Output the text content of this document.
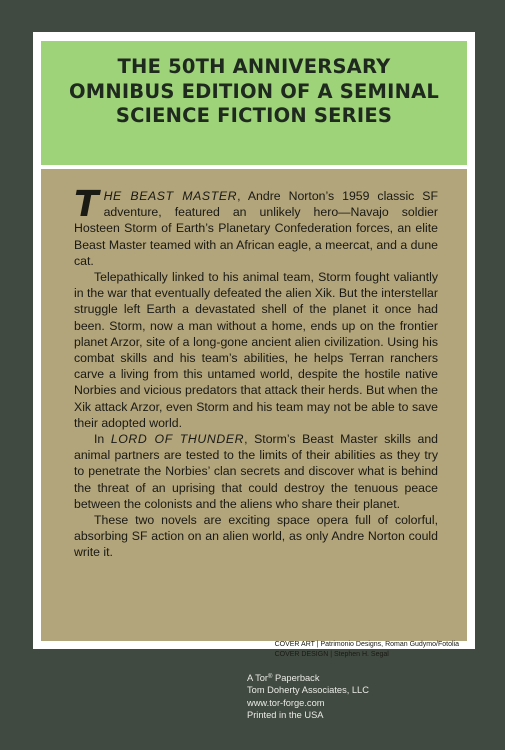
THE 50TH ANNIVERSARY
OMNIBUS EDITION OF A SEMINAL
SCIENCE FICTION SERIES

THE BEAST MASTER, Andre Norton’s 1959 classic SF adventure, featured an unlikely hero—Navajo soldier Hosteen Storm of Earth’s Planetary Confederation forces, an elite Beast Master teamed with an African eagle, a meercat, and a dune cat.

Telepathically linked to his animal team, Storm fought valiantly in the war that eventually defeated the alien Xik. But the interstellar struggle left Earth a devastated shell of the planet it once had been. Storm, now a man without a home, ends up on the frontier planet Arzor, site of a long-gone ancient alien civilization. Using his combat skills and his team’s abilities, he helps Terran ranchers carve a living from this untamed world, despite the hostile native Norbies and vicious predators that attack their herds. But when the Xik attack Arzor, even Storm and his team may not be able to save their adopted world.

In LORD OF THUNDER, Storm’s Beast Master skills and animal partners are tested to the limits of their abilities as they try to penetrate the Norbies’ clan secrets and discover what is behind the threat of an uprising that could destroy the tenuous peace between the colonists and the aliens who share their planet.

These two novels are exciting space opera full of colorful, absorbing SF action on an alien world, as only Andre Norton could write it.

COVER ART | Patrimonio Designs, Roman Gudymo/Fotolia
COVER DESIGN | Stephen H. Segal
A Tor® Paperback
Tom Doherty Associates, LLC
www.tor-forge.com
Printed in the USA
